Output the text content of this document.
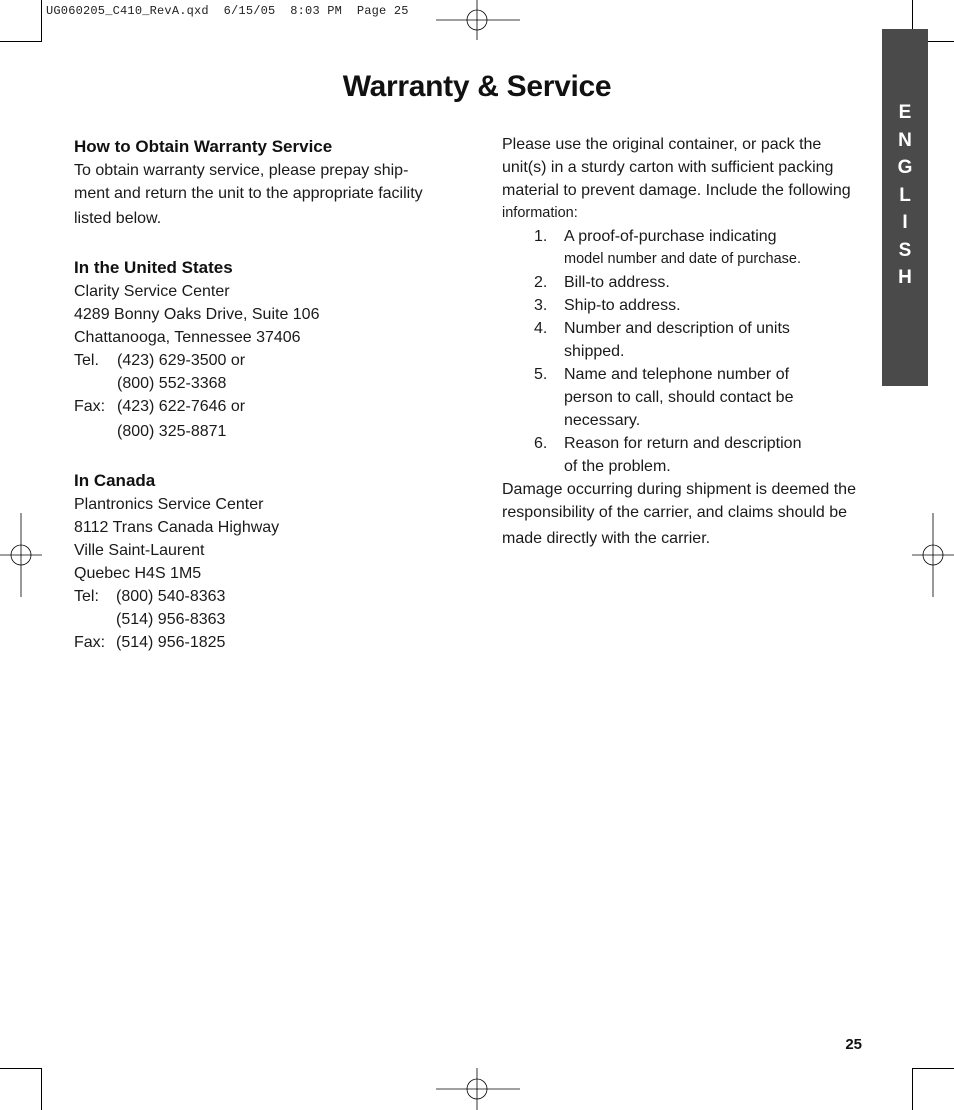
UG060205_C410_RevA.qxd  6/15/05  8:03 PM  Page 25
Warranty & Service
E
N
G
L
I
S
H
How to Obtain Warranty Service
To obtain warranty service, please prepay ship-
ment and return the unit to the appropriate facility
listed below.
In the United States
Clarity Service Center
4289 Bonny Oaks Drive, Suite 106
Chattanooga, Tennessee 37406
Tel.	(423) 629-3500 or
(800) 552-3368
Fax: (423) 622-7646 or
(800) 325-8871
In Canada
Plantronics Service Center
8112 Trans Canada Highway
Ville Saint-Laurent
Quebec H4S 1M5
Tel:	(800) 540-8363
(514) 956-8363
Fax: (514) 956-1825
Please use the original container, or pack the
unit(s) in a sturdy carton with sufficient packing
material to prevent damage. Include the following
information:
1.	A proof-of-purchase indicating
model number and date of purchase.
2.	Bill-to address.
3.	Ship-to address.
4.	Number and description of units
shipped.
5.	Name and telephone number of
person to call, should contact be
necessary.
6.	Reason for return and description
of the problem.
Damage occurring during shipment is deemed the
responsibility of the carrier, and claims should be
made directly with the carrier.
25
